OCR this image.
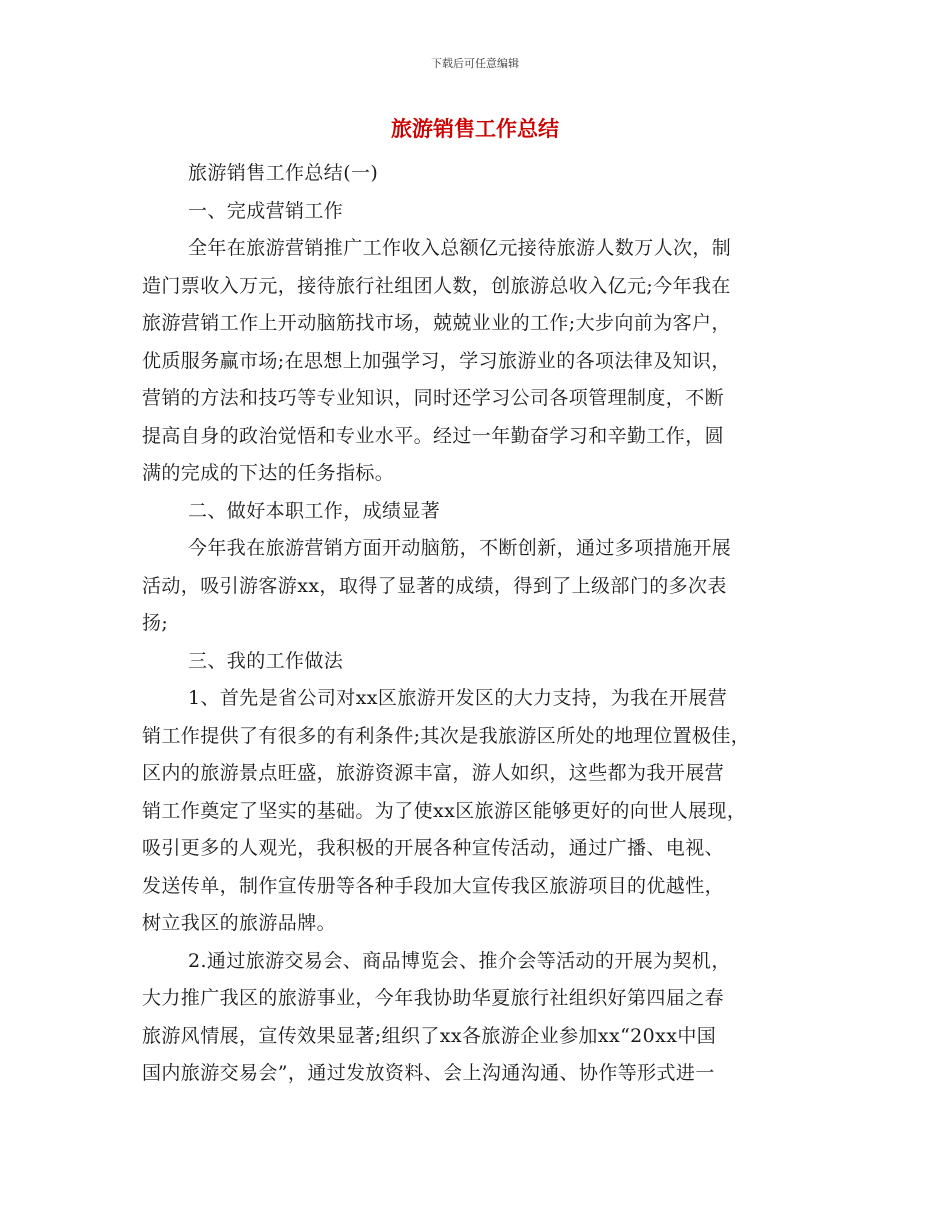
下载后可任意编辑
旅游销售工作总结
旅游销售工作总结(一)
一、完成营销工作
全年在旅游营销推广工作收入总额亿元接待旅游人数万人次，制
造门票收入万元，接待旅行社组团人数，创旅游总收入亿元;今年我在
旅游营销工作上开动脑筋找市场，兢兢业业的工作;大步向前为客户，
优质服务赢市场;在思想上加强学习，学习旅游业的各项法律及知识，
营销的方法和技巧等专业知识，同时还学习公司各项管理制度，不断
提高自身的政治觉悟和专业水平。经过一年勤奋学习和辛勤工作，圆
满的完成的下达的任务指标。
二、做好本职工作，成绩显著
今年我在旅游营销方面开动脑筋，不断创新，通过多项措施开展
活动，吸引游客游xx，取得了显著的成绩，得到了上级部门的多次表
扬;
三、我的工作做法
1、首先是省公司对xx区旅游开发区的大力支持，为我在开展营
销工作提供了有很多的有利条件;其次是我旅游区所处的地理位置极佳，
区内的旅游景点旺盛，旅游资源丰富，游人如织，这些都为我开展营
销工作奠定了坚实的基础。为了使xx区旅游区能够更好的向世人展现，
吸引更多的人观光，我积极的开展各种宣传活动，通过广播、电视、
发送传单，制作宣传册等各种手段加大宣传我区旅游项目的优越性，
树立我区的旅游品牌。
2.通过旅游交易会、商品博览会、推介会等活动的开展为契机，
大力推广我区的旅游事业，今年我协助华夏旅行社组织好第四届之春
旅游风情展，宣传效果显著;组织了xx各旅游企业参加xx“20xx中国
国内旅游交易会”，通过发放资料、会上沟通沟通、协作等形式进一
